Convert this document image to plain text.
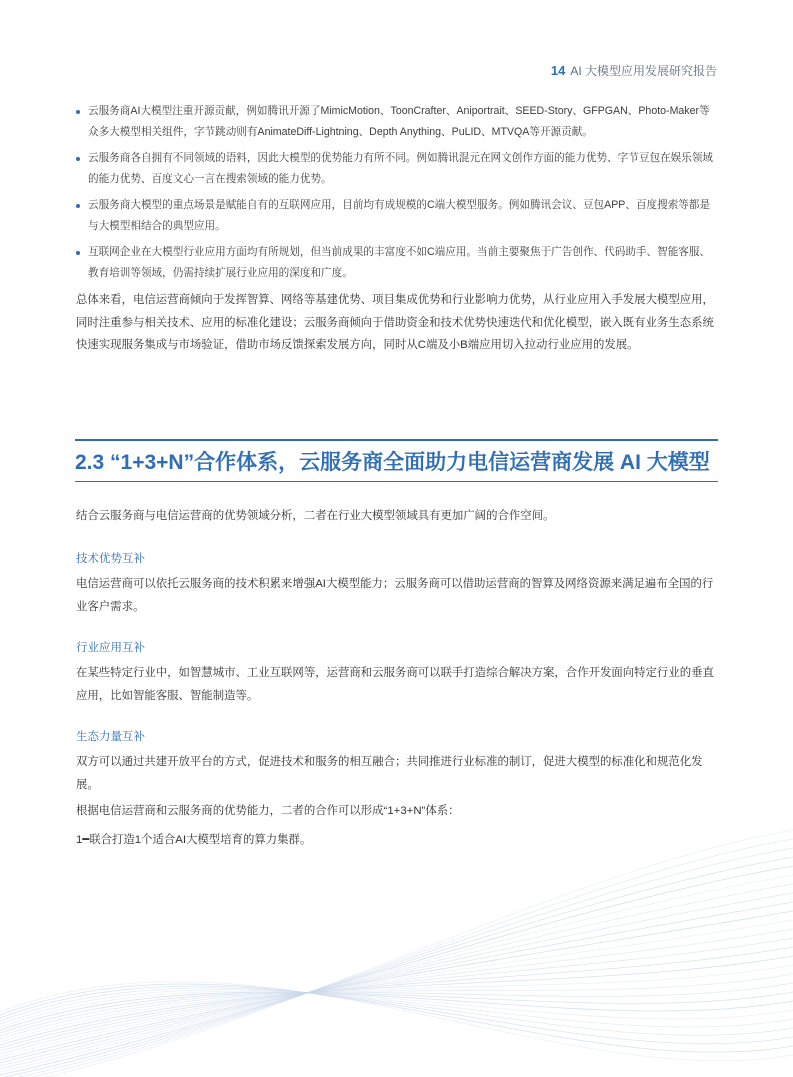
14 AI 大模型应用发展研究报告
云服务商AI大模型注重开源贡献，例如腾讯开源了MimicMotion、ToonCrafter、Aniportrait、SEED-Story、GFPGAN、Photo-Maker等众多大模型相关组件，字节跳动则有AnimateDiff-Lightning、Depth Anything、PuLID、MTVQA等开源贡献。
云服务商各自拥有不同领域的语料，因此大模型的优势能力有所不同。例如腾讯混元在网文创作方面的能力优势、字节豆包在娱乐领域的能力优势、百度文心一言在搜索领域的能力优势。
云服务商大模型的重点场景是赋能自有的互联网应用，目前均有成规模的C端大模型服务。例如腾讯会议、豆包APP、百度搜索等都是与大模型相结合的典型应用。
互联网企业在大模型行业应用方面均有所规划，但当前成果的丰富度不如C端应用。当前主要聚焦于广告创作、代码助手、智能客服、教育培训等领域，仍需持续扩展行业应用的深度和广度。
总体来看，电信运营商倾向于发挥智算、网络等基建优势、项目集成优势和行业影响力优势，从行业应用入手发展大模型应用，同时注重参与相关技术、应用的标准化建设；云服务商倾向于借助资金和技术优势快速迭代和优化模型，嵌入既有业务生态系统快速实现服务集成与市场验证，借助市场反馈探索发展方向，同时从C端及小B端应用切入拉动行业应用的发展。
2.3 “1+3+N”合作体系，云服务商全面助力电信运营商发展 AI 大模型
结合云服务商与电信运营商的优势领域分析，二者在行业大模型领域具有更加广阔的合作空间。
技术优势互补
电信运营商可以依托云服务商的技术积累来增强AI大模型能力；云服务商可以借助运营商的智算及网络资源来满足遍布全国的行业客户需求。
行业应用互补
在某些特定行业中，如智慧城市、工业互联网等，运营商和云服务商可以联手打造综合解决方案，合作开发面向特定行业的垂直应用，比如智能客服、智能制造等。
生态力量互补
双方可以通过共建开放平台的方式，促进技术和服务的相互融合；共同推进行业标准的制订，促进大模型的标准化和规范化发展。
根据电信运营商和云服务商的优势能力，二者的合作可以形成“1+3+N”体系：
1━联合打造1个适合AI大模型培育的算力集群。
